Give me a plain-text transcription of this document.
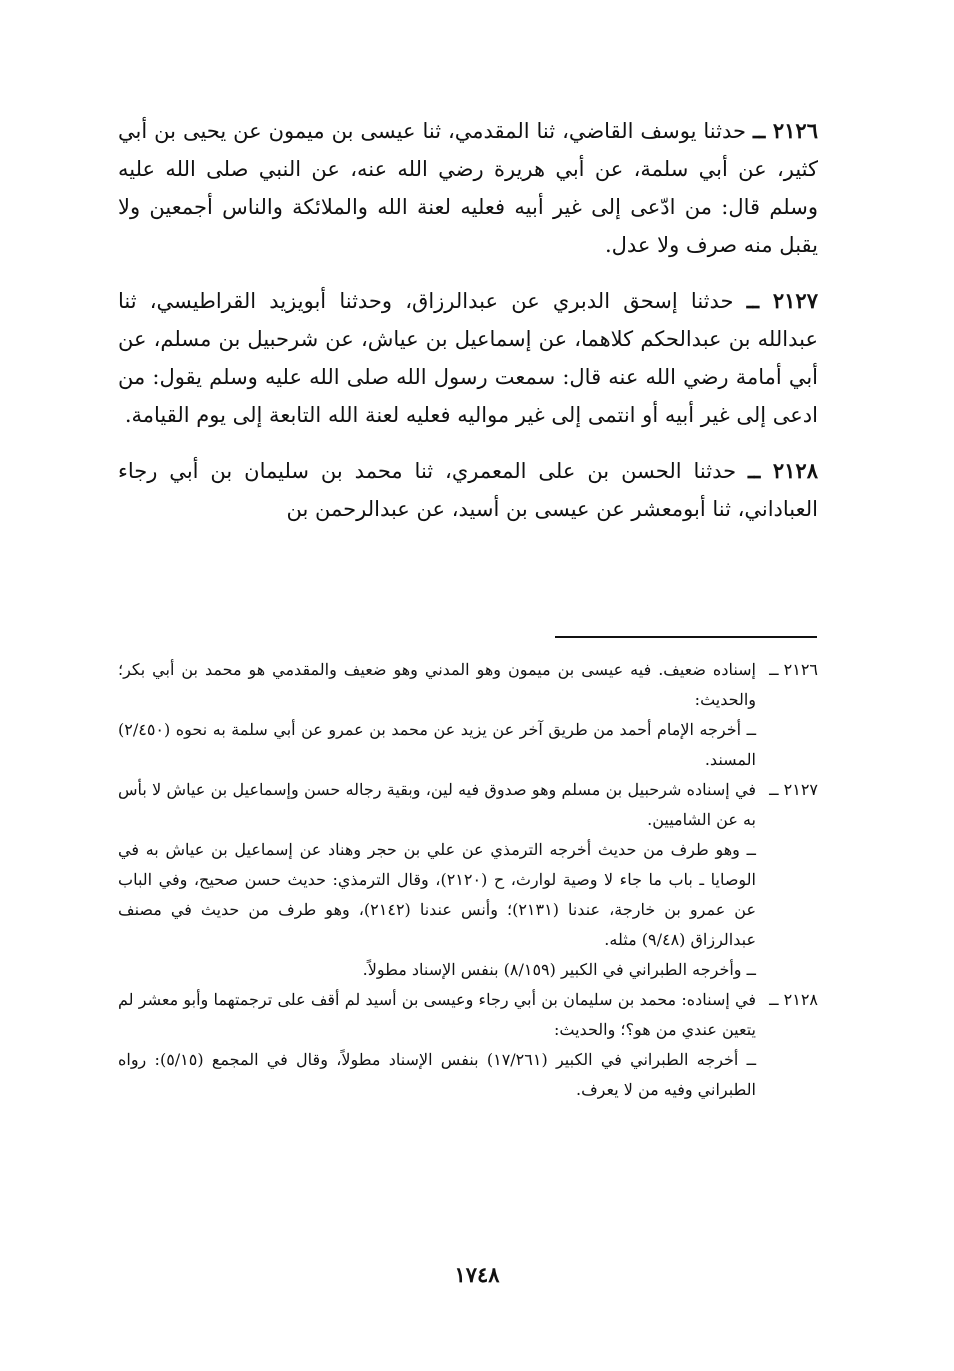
٢١٢٦ ــ حدثنا يوسف القاضي، ثنا المقدمي، ثنا عيسى بن ميمون عن يحيى بن أبي كثير، عن أبي سلمة، عن أبي هريرة رضي الله عنه، عن النبي صلى الله عليه وسلم قال: من ادّعى إلى غير أبيه فعليه لعنة الله والملائكة والناس أجمعين ولا يقبل منه صرف ولا عدل.

٢١٢٧ ــ حدثنا إسحق الدبري عن عبدالرزاق، وحدثنا أبويزيد القراطيسي، ثنا عبدالله بن عبدالحكم كلاهما، عن إسماعيل بن عياش، عن شرحبيل بن مسلم، عن أبي أمامة رضي الله عنه قال: سمعت رسول الله صلى الله عليه وسلم يقول: من ادعى إلى غير أبيه أو انتمى إلى غير مواليه فعليه لعنة الله التابعة إلى يوم القيامة.

٢١٢٨ ــ حدثنا الحسن بن على المعمري، ثنا محمد بن سليمان بن أبي رجاء العباداني، ثنا أبومعشر عن عيسى بن أسيد، عن عبدالرحمن بن

٢١٢٦ ــ

إسناده ضعيف. فيه عيسى بن ميمون وهو المدني وهو ضعيف والمقدمي هو محمد بن أبي بكر؛ والحديث:

ــ أخرجه الإمام أحمد من طريق آخر عن يزيد عن محمد بن عمرو عن أبي سلمة به نحوه (٢/٤٥٠) المسند.

٢١٢٧ ــ

في إسناده شرحبيل بن مسلم وهو صدوق فيه لين، وبقية رجاله حسن وإسماعيل بن عياش لا بأس به عن الشاميين.

ــ وهو طرف من حديث أخرجه الترمذي عن علي بن حجر وهناد عن إسماعيل بن عياش به في الوصايا ـ باب ما جاء لا وصية لوارث، ح (٢١٢٠)، وقال الترمذي: حديث حسن صحيح، وفي الباب عن عمرو بن خارجة، عندنا (٢١٣١)؛ وأنس عندنا (٢١٤٢)، وهو طرف من حديث في مصنف عبدالرزاق (٩/٤٨) مثله.

ــ وأخرجه الطبراني في الكبير (٨/١٥٩) بنفس الإسناد مطولاً.

٢١٢٨ ــ

في إسناده: محمد بن سليمان بن أبي رجاء وعيسى بن أسيد لم أقف على ترجمتهما وأبو معشر لم يتعين عندي من هو؟؛ والحديث:

ــ أخرجه الطبراني في الكبير (١٧/٢٦١) بنفس الإسناد مطولاً، وقال في المجمع (٥/١٥): رواه الطبراني وفيه من لا يعرف.

١٧٤٨
